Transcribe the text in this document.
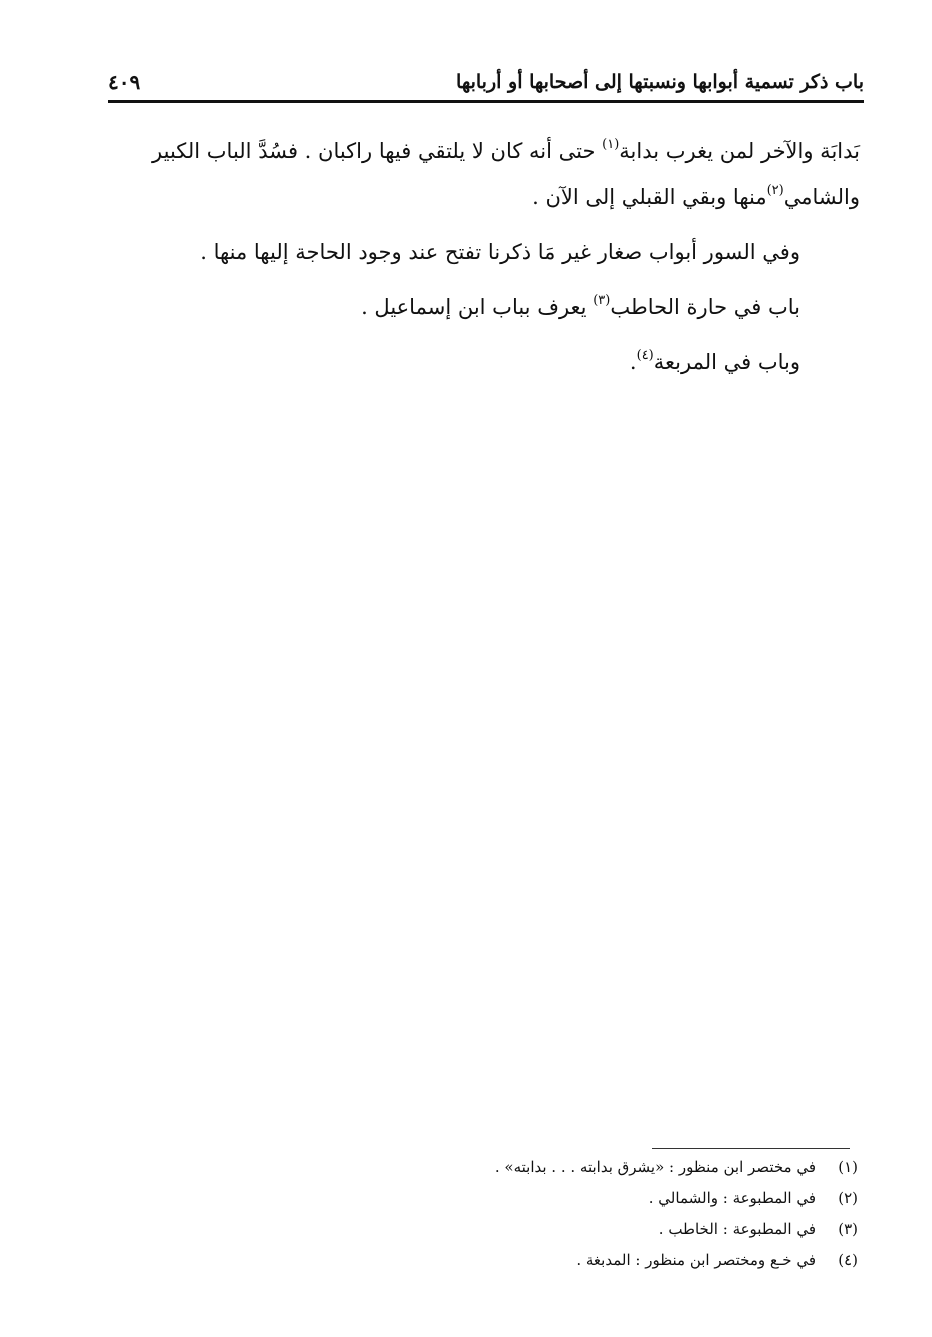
٤٠٩	باب ذكر تسمية أبوابها ونسبتها إلى أصحابها أو أربابها

بَدابَة والآخر لمن يغرب بدابة$^{(١)}$ حتى أنه كان لا يلتقي فيها راكبان . فسُدَّ الباب الكبير

والشامي$^{(٢)}$منها وبقي القبلي إلى الآن .

وفي السور أبواب صغار غير مَا ذكرنا تفتح عند وجود الحاجة إليها منها .

باب في حارة الحاطب$^{(٣)}$ يعرف بباب ابن إسماعيل .

وباب في المربعة$^{(٤)}$.

(١)في مختصر ابن منظور : «يشرق بدابته . . . بدابته» .

(٢)في المطبوعة : والشمالي .

(٣)في المطبوعة : الخاطب .

(٤)في خـع ومختصر ابن منظور : المدبغة .
